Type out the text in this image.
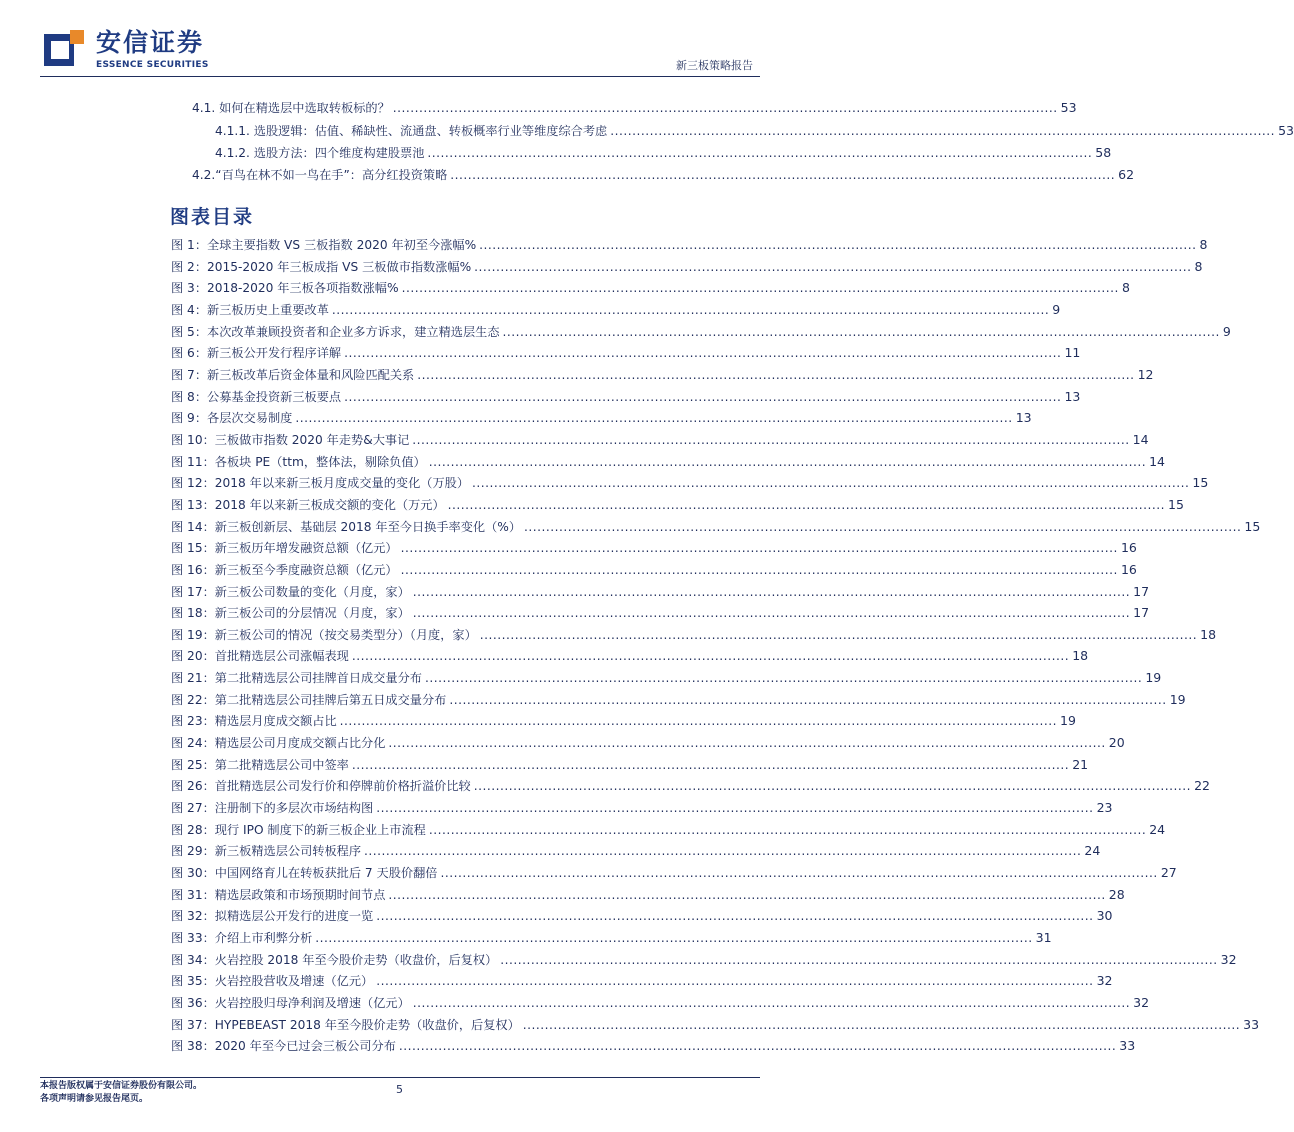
安信证券
ESSENCE SECURITIES	新三板策略报告
4.1. 如何在精选层中选取转板标的？ ........................................................................................................................................................ 53
4.1.1. 选股逻辑：估值、稀缺性、流通盘、转板概率行业等维度综合考虑 ........................................................................................................................................................ 53
4.1.2. 选股方法：四个维度构建股票池 ........................................................................................................................................................ 58
4.2.“百鸟在林不如一鸟在手”：高分红投资策略 ........................................................................................................................................................ 62
图表目录
图 1：全球主要指数 VS 三板指数 2020 年初至今涨幅% .................................................................................................................................................................... 8
图 2：2015-2020 年三板成指 VS 三板做市指数涨幅% .................................................................................................................................................................... 8
图 3：2018-2020 年三板各项指数涨幅% .................................................................................................................................................................... 8
图 4：新三板历史上重要改革 .................................................................................................................................................................... 9
图 5：本次改革兼顾投资者和企业多方诉求，建立精选层生态 .................................................................................................................................................................... 9
图 6：新三板公开发行程序详解 .................................................................................................................................................................... 11
图 7：新三板改革后资金体量和风险匹配关系 .................................................................................................................................................................... 12
图 8：公募基金投资新三板要点 .................................................................................................................................................................... 13
图 9：各层次交易制度 .................................................................................................................................................................... 13
图 10：三板做市指数 2020 年走势&大事记 .................................................................................................................................................................... 14
图 11：各板块 PE（ttm，整体法，剔除负值） .................................................................................................................................................................... 14
图 12：2018 年以来新三板月度成交量的变化（万股） .................................................................................................................................................................... 15
图 13：2018 年以来新三板成交额的变化（万元） .................................................................................................................................................................... 15
图 14：新三板创新层、基础层 2018 年至今日换手率变化（%） .................................................................................................................................................................... 15
图 15：新三板历年增发融资总额（亿元） .................................................................................................................................................................... 16
图 16：新三板至今季度融资总额（亿元） .................................................................................................................................................................... 16
图 17：新三板公司数量的变化（月度，家） .................................................................................................................................................................... 17
图 18：新三板公司的分层情况（月度，家） .................................................................................................................................................................... 17
图 19：新三板公司的情况（按交易类型分）（月度，家） .................................................................................................................................................................... 18
图 20：首批精选层公司涨幅表现 .................................................................................................................................................................... 18
图 21：第二批精选层公司挂牌首日成交量分布 .................................................................................................................................................................... 19
图 22：第二批精选层公司挂牌后第五日成交量分布 .................................................................................................................................................................... 19
图 23：精选层月度成交额占比 .................................................................................................................................................................... 19
图 24：精选层公司月度成交额占比分化 .................................................................................................................................................................... 20
图 25：第二批精选层公司中签率 .................................................................................................................................................................... 21
图 26：首批精选层公司发行价和停牌前价格折溢价比较 .................................................................................................................................................................... 22
图 27：注册制下的多层次市场结构图 .................................................................................................................................................................... 23
图 28：现行 IPO 制度下的新三板企业上市流程 .................................................................................................................................................................... 24
图 29：新三板精选层公司转板程序 .................................................................................................................................................................... 24
图 30：中国网络育儿在转板获批后 7 天股价翻倍 .................................................................................................................................................................... 27
图 31：精选层政策和市场预期时间节点 .................................................................................................................................................................... 28
图 32：拟精选层公开发行的进度一览 .................................................................................................................................................................... 30
图 33：介绍上市利弊分析 .................................................................................................................................................................... 31
图 34：火岩控股 2018 年至今股价走势（收盘价，后复权） .................................................................................................................................................................... 32
图 35：火岩控股营收及增速（亿元） .................................................................................................................................................................... 32
图 36：火岩控股归母净利润及增速（亿元） .................................................................................................................................................................... 32
图 37：HYPEBEAST 2018 年至今股价走势（收盘价，后复权） .................................................................................................................................................................... 33
图 38：2020 年至今已过会三板公司分布 .................................................................................................................................................................... 33
本报告版权属于安信证券股份有限公司。
各项声明请参见报告尾页。
5
